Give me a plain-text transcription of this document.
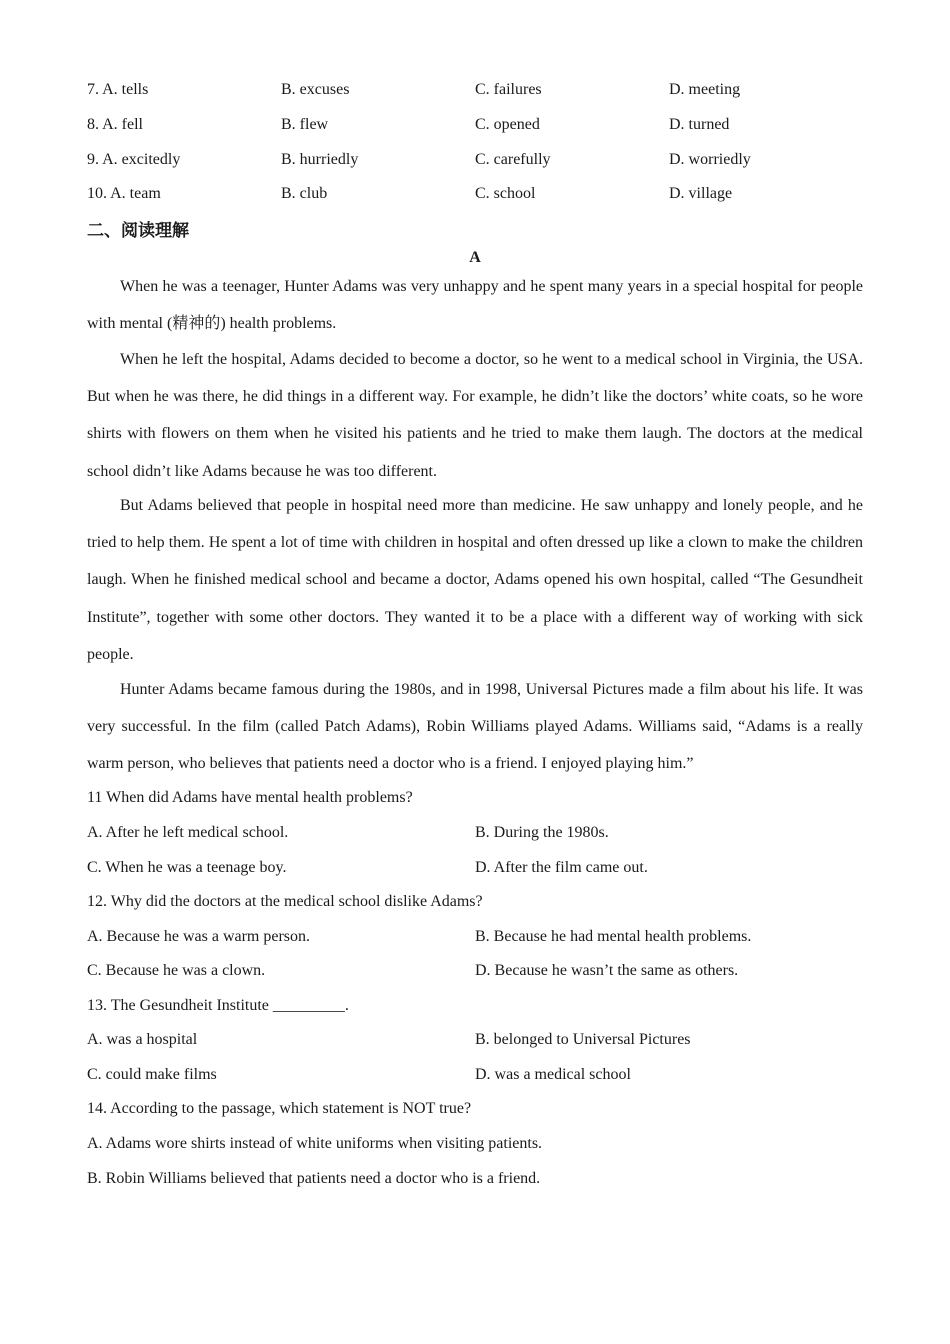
7. A. tells	B. excuses	C. failures	D. meeting
8. A. fell	B. flew	C. opened	D. turned
9. A. excitedly	B. hurriedly	C. carefully	D. worriedly
10. A. team	B. club	C. school	D. village
二、阅读理解
A

When he was a teenager, Hunter Adams was very unhappy and he spent many years in a special hospital for people with mental (精神的) health problems.

When he left the hospital, Adams decided to become a doctor, so he went to a medical school in Virginia, the USA. But when he was there, he did things in a different way. For example, he didn’t like the doctors’ white coats, so he wore shirts with flowers on them when he visited his patients and he tried to make them laugh. The doctors at the medical school didn’t like Adams because he was too different.

But Adams believed that people in hospital need more than medicine. He saw unhappy and lonely people, and he tried to help them. He spent a lot of time with children in hospital and often dressed up like a clown to make the children laugh. When he finished medical school and became a doctor, Adams opened his own hospital, called “The Gesundheit Institute”, together with some other doctors. They wanted it to be a place with a different way of working with sick people.

Hunter Adams became famous during the 1980s, and in 1998, Universal Pictures made a film about his life. It was very successful. In the film (called Patch Adams), Robin Williams played Adams. Williams said, “Adams is a really warm person, who believes that patients need a doctor who is a friend. I enjoyed playing him.”

11 When did Adams have mental health problems?
A. After he left medical school.	B. During the 1980s.
C. When he was a teenage boy.	D. After the film came out.
12. Why did the doctors at the medical school dislike Adams?
A. Because he was a warm person.	B. Because he had mental health problems.
C. Because he was a clown.	D. Because he wasn’t the same as others.
13. The Gesundheit Institute _________.
A. was a hospital	B. belonged to Universal Pictures
C. could make films	D. was a medical school
14. According to the passage, which statement is NOT true?
A. Adams wore shirts instead of white uniforms when visiting patients.
B. Robin Williams believed that patients need a doctor who is a friend.
